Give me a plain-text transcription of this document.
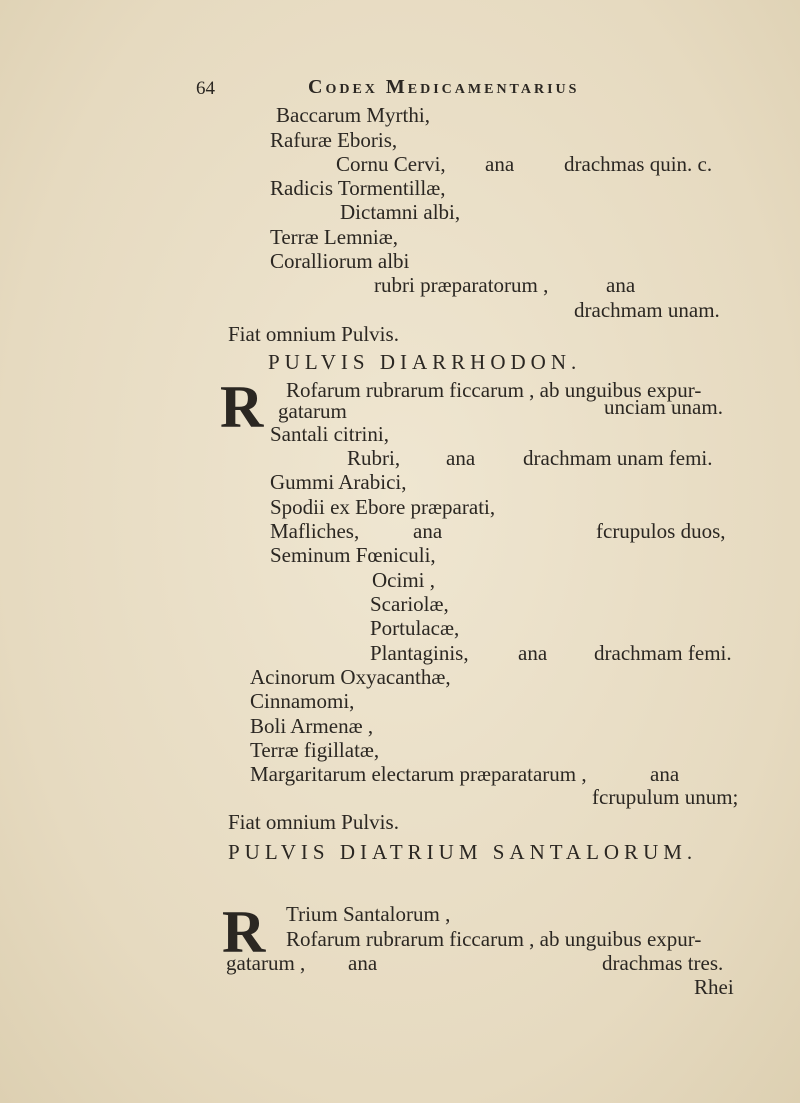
64	Codex Medicamentarius
Baccarum Myrthi,
Rafuræ Eboris,
Cornu Cervi, ana drachmas quin. c.
Radicis Tormentillæ,
Dictamni albi,
Terræ Lemniæ,
Coralliorum albi
rubri præparatorum ,	ana
drachmam unam.
Fiat omnium Pulvis.
PULVIS DIARRHODON.
R Rofarum rubrarum ficcarum , ab unguibus expur-
gatarum	unciam unam.
Santali citrini,
Rubri, ana drachmam unam femi.
Gummi Arabici,
Spodii ex Ebore præparati,
Mafliches,	ana	fcrupulos duos,
Seminum Fœniculi,
Ocimi ,
Scariolæ,
Portulacæ,
Plantaginis, ana drachmam femi.
Acinorum Oxyacanthæ,
Cinnamomi,
Boli Armenæ ,
Terræ figillatæ,
Margaritarum electarum præparatarum ,	ana
fcrupulum unum;
Fiat omnium Pulvis.
PULVIS DIATRIUM SANTALORUM.
R Trium Santalorum ,
Rofarum rubrarum ficcarum , ab unguibus expur-
gatarum , ana	drachmas tres.
Rhei
